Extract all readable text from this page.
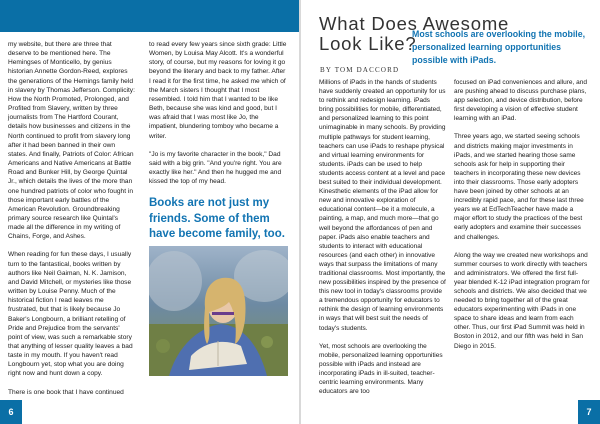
my website, but there are three that deserve to be mentioned here. The Hemingses of Monticello, by genius historian Annette Gordon-Reed, explores the generations of the Hemings family held in slavery by Thomas Jefferson. Complicity: How the North Promoted, Prolonged, and Profited from Slavery, written by three journalists from The Hartford Courant, details how businesses and citizens in the North continued to profit from slavery long after it had been banned in their own states. And finally, Patriots of Color: African Americans and Native Americans at Battle Road and Bunker Hill, by George Quintal Jr., which details the lives of the more than one hundred patriots of color who fought in those important early battles of the American Revolution. Groundbreaking primary source research like Quintal's made all the difference in my writing of Chains, Forge, and Ashes.

When reading for fun these days, I usually turn to the fantastical, books written by authors like Neil Gaiman, N. K. Jamison, and David Mitchell, or mysteries like those written by Louise Penny. Much of the historical fiction I read leaves me frustrated, but that is likely because Jo Baker's Longbourn, a brilliant retelling of Pride and Prejudice from the servants' point of view, was such a remarkable story that anything of lesser quality leaves a bad taste in my mouth. If you haven't read Longbourn yet, stop what you are doing right now and hunt down a copy.

There is one book that I have continued

to read every few years since sixth grade: Little Women, by Louisa May Alcott. It's a wonderful story, of course, but my reasons for loving it go beyond the literary and back to my father. After I read it for the first time, he asked me which of the March sisters I thought that I most resembled. I told him that I wanted to be like Beth, because she was kind and good, but I was afraid that I was most like Jo, the impatient, blundering tomboy who became a writer.

"Jo is my favorite character in the book," Dad said with a big grin. "And you're right. You are exactly like her." And then he hugged me and kissed the top of my head.

Books are not just my friends. Some of them have become family, too.

6
What Does Awesome
Look Like?

Most schools are overlooking the mobile, personalized learning opportunities possible with iPads.

BY TOM DACCORD

Millions of iPads in the hands of students have suddenly created an opportunity for us to rethink and redesign learning. iPads bring possibilities for mobile, differentiated, and personalized learning to this point unimaginable in many schools. By providing multiple pathways for student learning, teachers can use iPads to reshape physical and virtual learning environments for students. iPads can be used to help students access content at a level and pace best suited to their individual development. Kinesthetic elements of the iPad allow for new and innovative exploration of educational content—be it a molecule, a painting, a map, and much more—that go well beyond the affordances of pen and paper. iPads also enable teachers and students to interact with educational resources (and each other) in innovative ways that surpass the limitations of many traditional classrooms. Most importantly, the new possibilities inspired by the presence of this new tool in today's classrooms provide a tremendous opportunity for educators to rethink the design of learning environments in ways that will best suit the needs of today's students.

Yet, most schools are overlooking the mobile, personalized learning opportunities possible with iPads and instead are incorporating iPads in ill-suited, teacher-centric learning environments. Many educators are too

focused on iPad conveniences and allure, and are pushing ahead to discuss purchase plans, app selection, and device distribution, before first developing a vision of effective student learning with an iPad.

Three years ago, we started seeing schools and districts making major investments in iPads, and we started hearing those same schools ask for help in supporting their teachers in incorporating these new devices into their classrooms. Those early adopters have been joined by other schools at an incredibly rapid pace, and for these last three years we at EdTechTeacher have made a major effort to study the practices of the best early adopters and examine their successes and challenges.

Along the way we created new workshops and summer courses to work directly with teachers and administrators. We offered the first full-year blended K-12 iPad integration program for schools and districts. We also decided that we needed to bring together all of the great educators experimenting with iPads in one space to share ideas and learn from each other. Thus, our first iPad Summit was held in Boston in 2012, and our fifth was held in San Diego in 2015.

7
